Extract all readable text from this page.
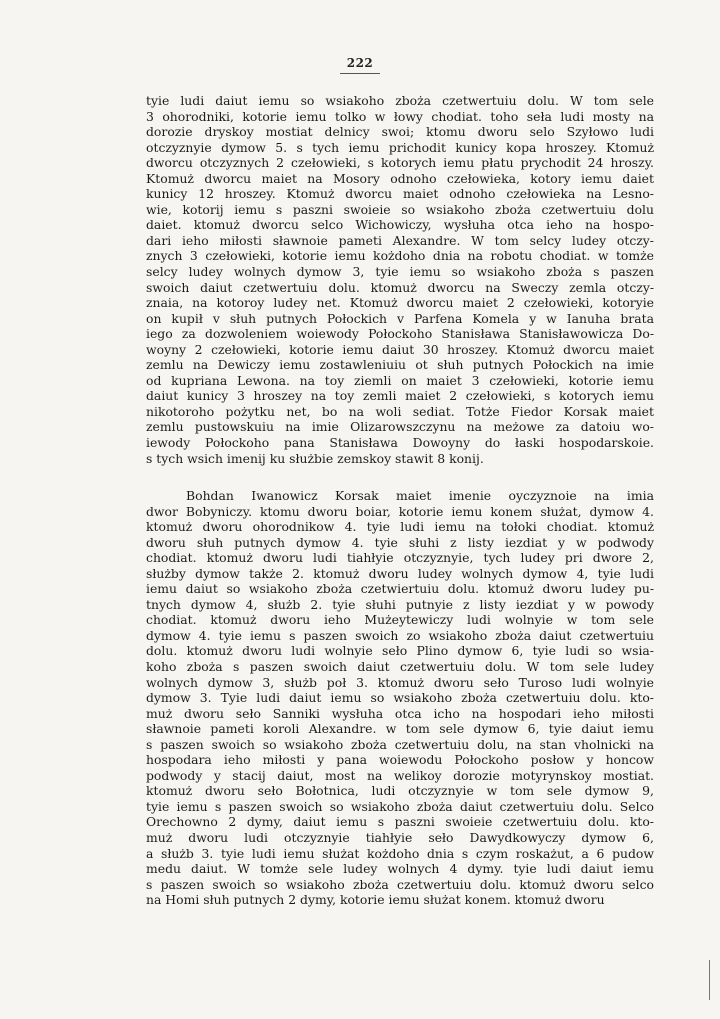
222

tyie ludi daiut iemu so wsiakoho zboża czetwertuiu dolu. W tom sele
3 ohorodniki, kotorie iemu tolko w łowy chodiat. toho seła ludi mosty na
dorozie dryskoy mostiat delnicy swoi; ktomu dworu selo Szyłowo ludi
otczyznyie dymow 5. s tych iemu prichodit kunicy kopa hroszey. Ktomuż
dworcu otczyznych 2 czełowieki, s kotorych iemu płatu prychodit 24 hroszy.
Ktomuż dworcu maiet na Mosory odnoho czełowieka, kotory iemu daiet
kunicy 12 hroszey. Ktomuż dworcu maiet odnoho czełowieka na Lesno-
wie, kotorij iemu s paszni swoieie so wsiakoho zboża czetwertuiu dolu
daiet. ktomuż dworcu selco Wichowiczy, wysłuha otca ieho na hospo-
dari ieho miłosti sławnoie pameti Alexandre. W tom selcy ludey otczy-
znych 3 czełowieki, kotorie iemu kożdoho dnia na robotu chodiat. w tomże
selcy ludey wolnych dymow 3, tyie iemu so wsiakoho zboża s paszen
swoich daiut czetwertuiu dolu. ktomuż dworcu na Sweczy zemla otczy-
znaia, na kotoroy ludey net. Ktomuż dworcu maiet 2 czełowieki, kotoryie
on kupił v słuh putnych Połockich v Parfena Komela y w Ianuha brata
iego za dozwoleniem woiewody Połockoho Stanisława Stanisławowicza Do-
woyny 2 czełowieki, kotorie iemu daiut 30 hroszey. Ktomuż dworcu maiet
zemlu na Dewiczy iemu zostawleniuiu ot słuh putnych Połockich na imie
od kupriana Lewona. na toy ziemli on maiet 3 czełowieki, kotorie iemu
daiut kunicy 3 hroszey na toy zemli maiet 2 czełowieki, s kotorych iemu
nikotoroho pożytku net, bo na woli sediat. Totże Fiedor Korsak maiet
zemlu pustowskuiu na imie Olizarowszczynu na meżowe za datoiu wo-
iewody Połockoho pana Stanisława Dowoyny do łaski hospodarskoie.
s tych wsich imenij ku służbie zemskoy stawit 8 konij.

Bohdan Iwanowicz Korsak maiet imenie oyczyznoie na imia
dwor Bobyniczy. ktomu dworu boiar, kotorie iemu konem służat, dymow 4.
ktomuż dworu ohorodnikow 4. tyie ludi iemu na tołoki chodiat. ktomuż
dworu słuh putnych dymow 4. tyie słuhi z listy iezdiat y w podwody
chodiat. ktomuż dworu ludi tiahłyie otczyznyie, tych ludey pri dwore 2,
służby dymow także 2. ktomuż dworu ludey wolnych dymow 4, tyie ludi
iemu daiut so wsiakoho zboża czetwiertuiu dolu. ktomuż dworu ludey pu-
tnych dymow 4, służb 2. tyie słuhi putnyie z listy iezdiat y w powody
chodiat. ktomuż dworu ieho Mużeytewiczy ludi wolnyie w tom sele
dymow 4. tyie iemu s paszen swoich zo wsiakoho zboża daiut czetwertuiu
dolu. ktomuż dworu ludi wolnyie seło Plino dymow 6, tyie ludi so wsia-
koho zboża s paszen swoich daiut czetwertuiu dolu. W tom sele ludey
wolnych dymow 3, służb poł 3. ktomuż dworu seło Turoso ludi wolnyie
dymow 3. Tyie ludi daiut iemu so wsiakoho zboża czetwertuiu dolu. kto-
muż dworu seło Sanniki wysłuha otca icho na hospodari ieho miłosti
sławnoie pameti koroli Alexandre. w tom sele dymow 6, tyie daiut iemu
s paszen swoich so wsiakoho zboża czetwertuiu dolu, na stan vholnicki na
hospodara ieho miłosti y pana woiewodu Połockoho posłow y honcow
podwody y stacij daiut, most na welikoy dorozie motyrynskoy mostiat.
ktomuż dworu seło Bołotnica, ludi otczyznyie w tom sele dymow 9,
tyie iemu s paszen swoich so wsiakoho zboża daiut czetwertuiu dolu. Selco
Orechowno 2 dymy, daiut iemu s paszni swoieie czetwertuiu dolu. kto-
muż dworu ludi otczyznyie tiahłyie seło Dawydkowyczy dymow 6,
a służb 3. tyie ludi iemu służat kożdoho dnia s czym roskażut, a 6 pudow
medu daiut. W tomże sele ludey wolnych 4 dymy. tyie ludi daiut iemu
s paszen swoich so wsiakoho zboża czetwertuiu dolu. ktomuż dworu selco
na Homi słuh putnych 2 dymy, kotorie iemu służat konem. ktomuż dworu
